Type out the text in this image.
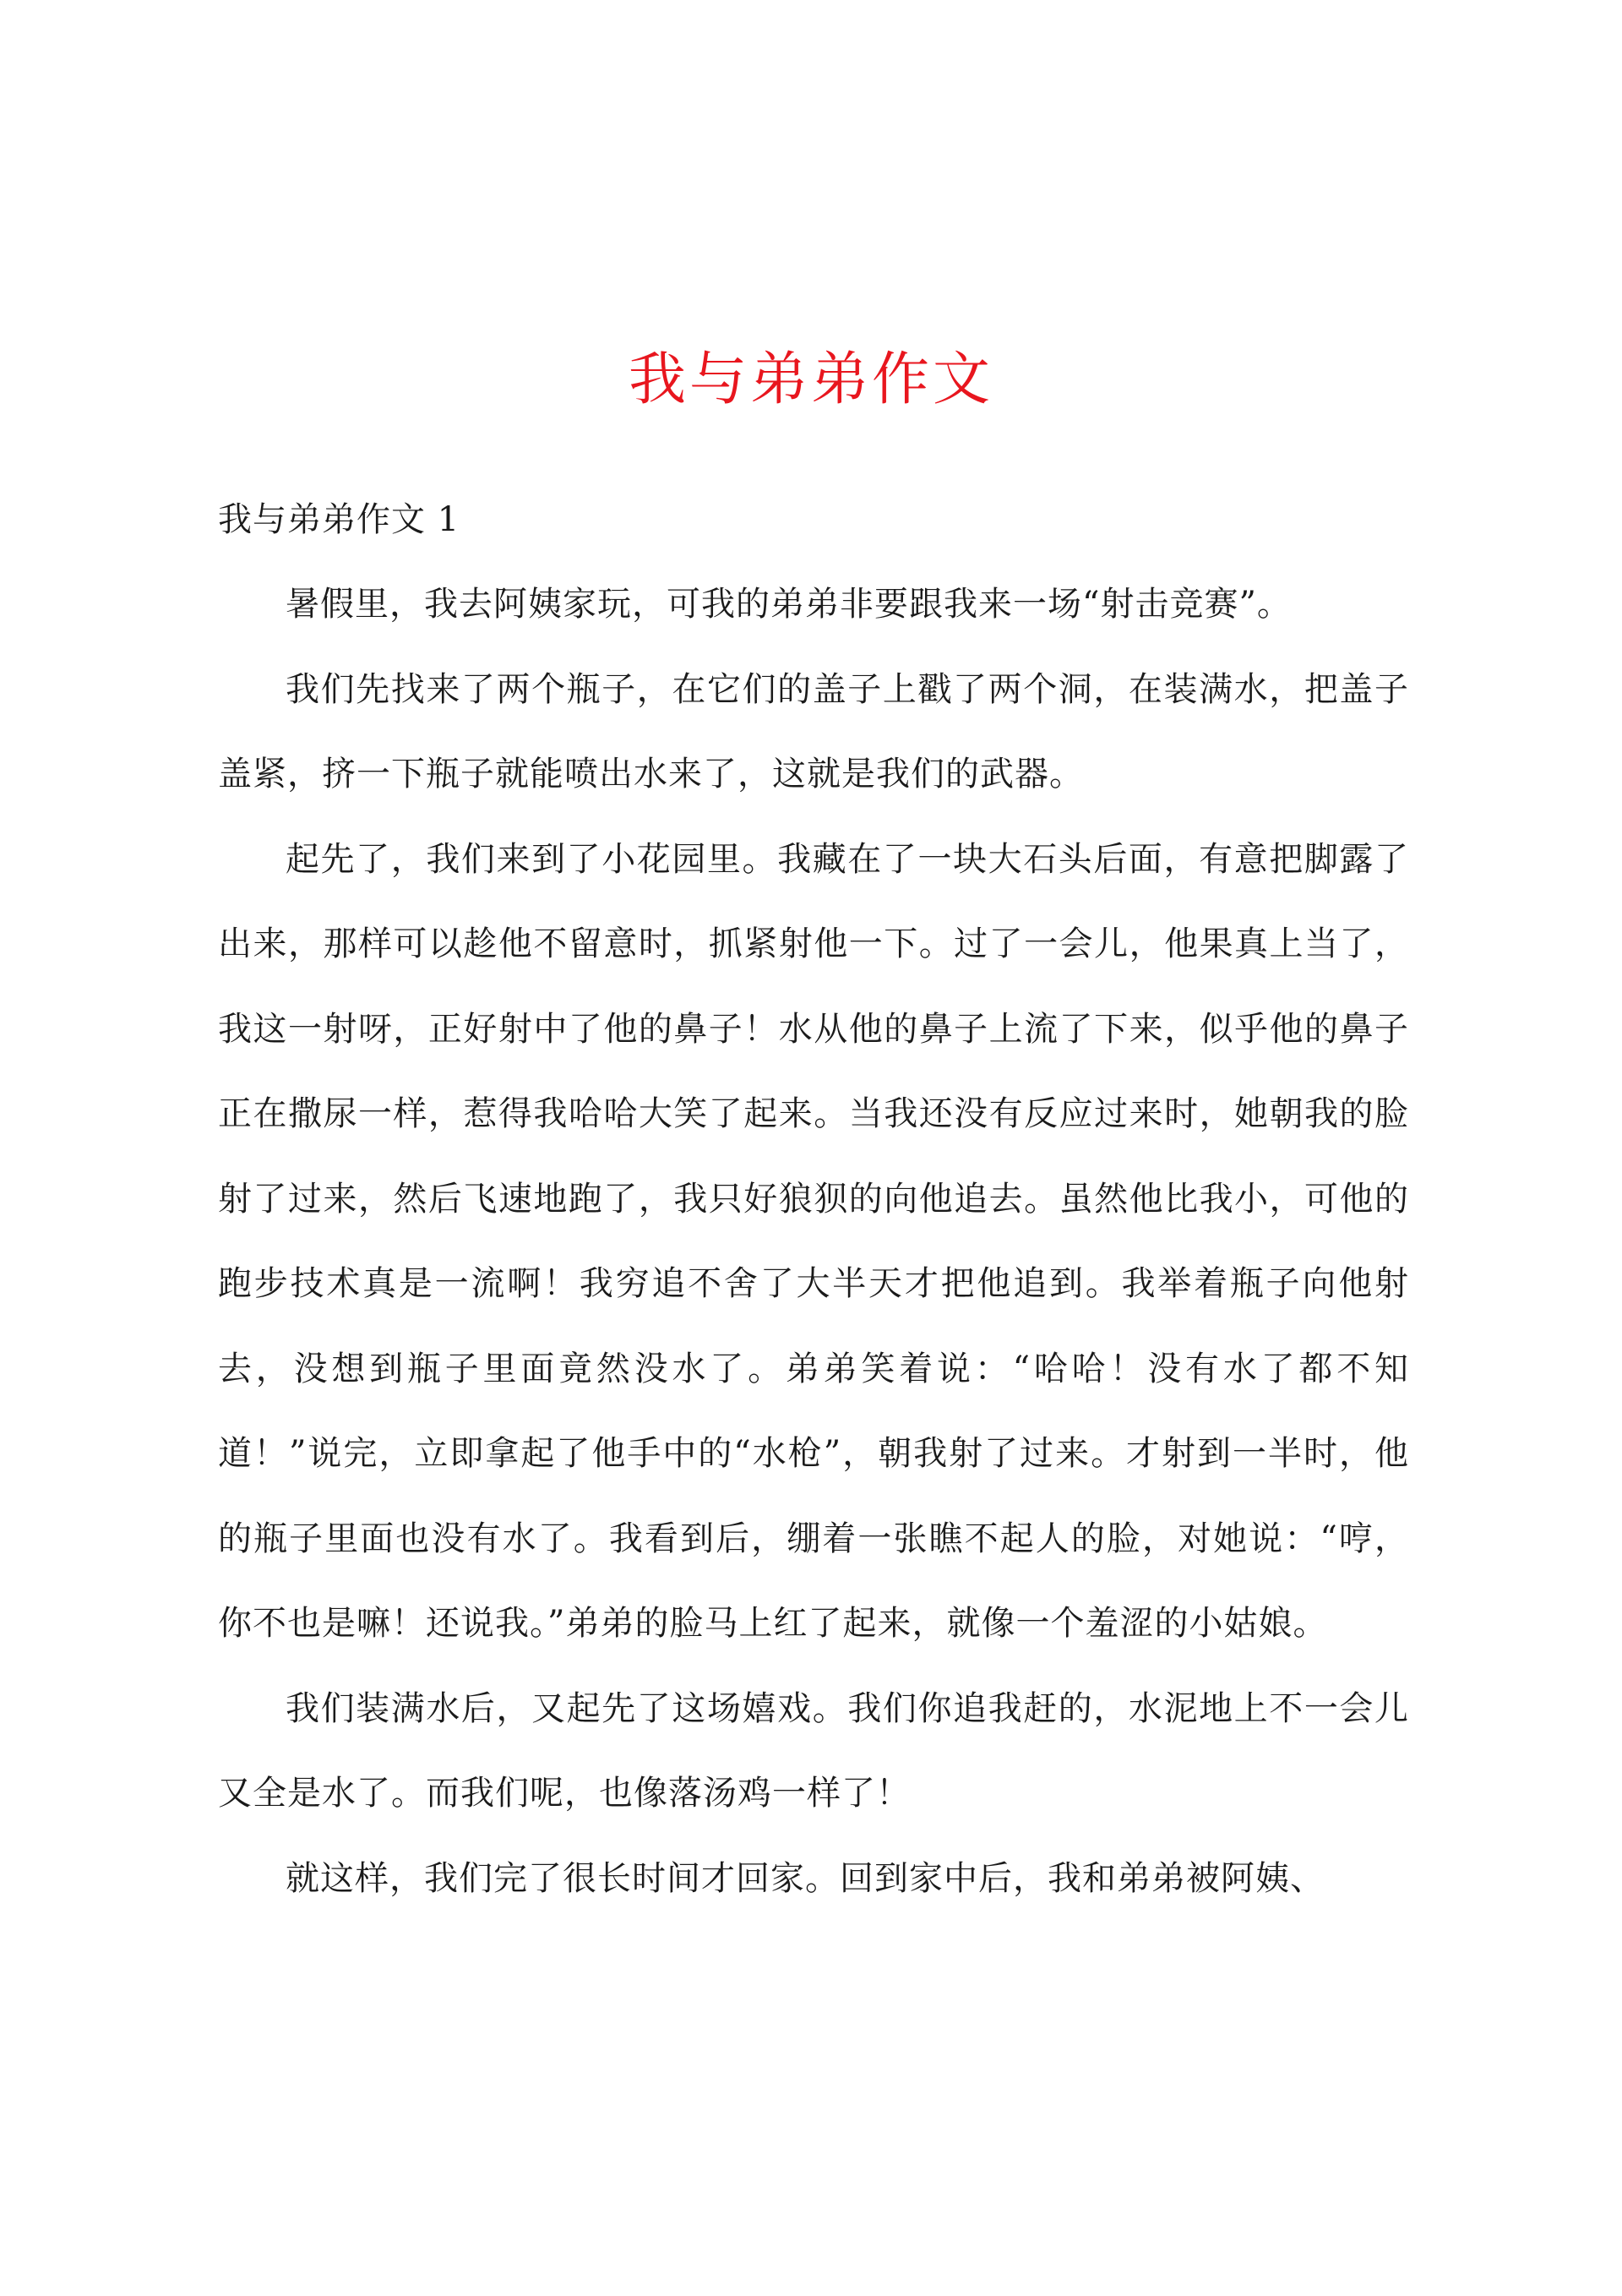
我与弟弟作文

我与弟弟作文 1

暑假里，我去阿姨家玩，可我的弟弟非要跟我来一场“射击竞赛”。

我们先找来了两个瓶子，在它们的盖子上戳了两个洞，在装满水，把盖子盖紧，挤一下瓶子就能喷出水来了，这就是我们的武器。

起先了，我们来到了小花园里。我藏在了一块大石头后面，有意把脚露了出来，那样可以趁他不留意时，抓紧射他一下。过了一会儿，他果真上当了，我这一射呀，正好射中了他的鼻子！水从他的鼻子上流了下来，似乎他的鼻子正在撒尿一样，惹得我哈哈大笑了起来。当我还没有反应过来时，她朝我的脸射了过来，然后飞速地跑了，我只好狼狈的向他追去。虽然他比我小，可他的跑步技术真是一流啊！我穷追不舍了大半天才把他追到。我举着瓶子向他射去，没想到瓶子里面竟然没水了。弟弟笑着说：“哈哈！没有水了都不知道！”说完，立即拿起了他手中的“水枪”，朝我射了过来。才射到一半时，他的瓶子里面也没有水了。我看到后，绷着一张瞧不起人的脸，对她说：“哼，你不也是嘛！还说我。”弟弟的脸马上红了起来，就像一个羞涩的小姑娘。

我们装满水后，又起先了这场嬉戏。我们你追我赶的，水泥地上不一会儿又全是水了。而我们呢，也像落汤鸡一样了！

就这样，我们完了很长时间才回家。回到家中后，我和弟弟被阿姨、
